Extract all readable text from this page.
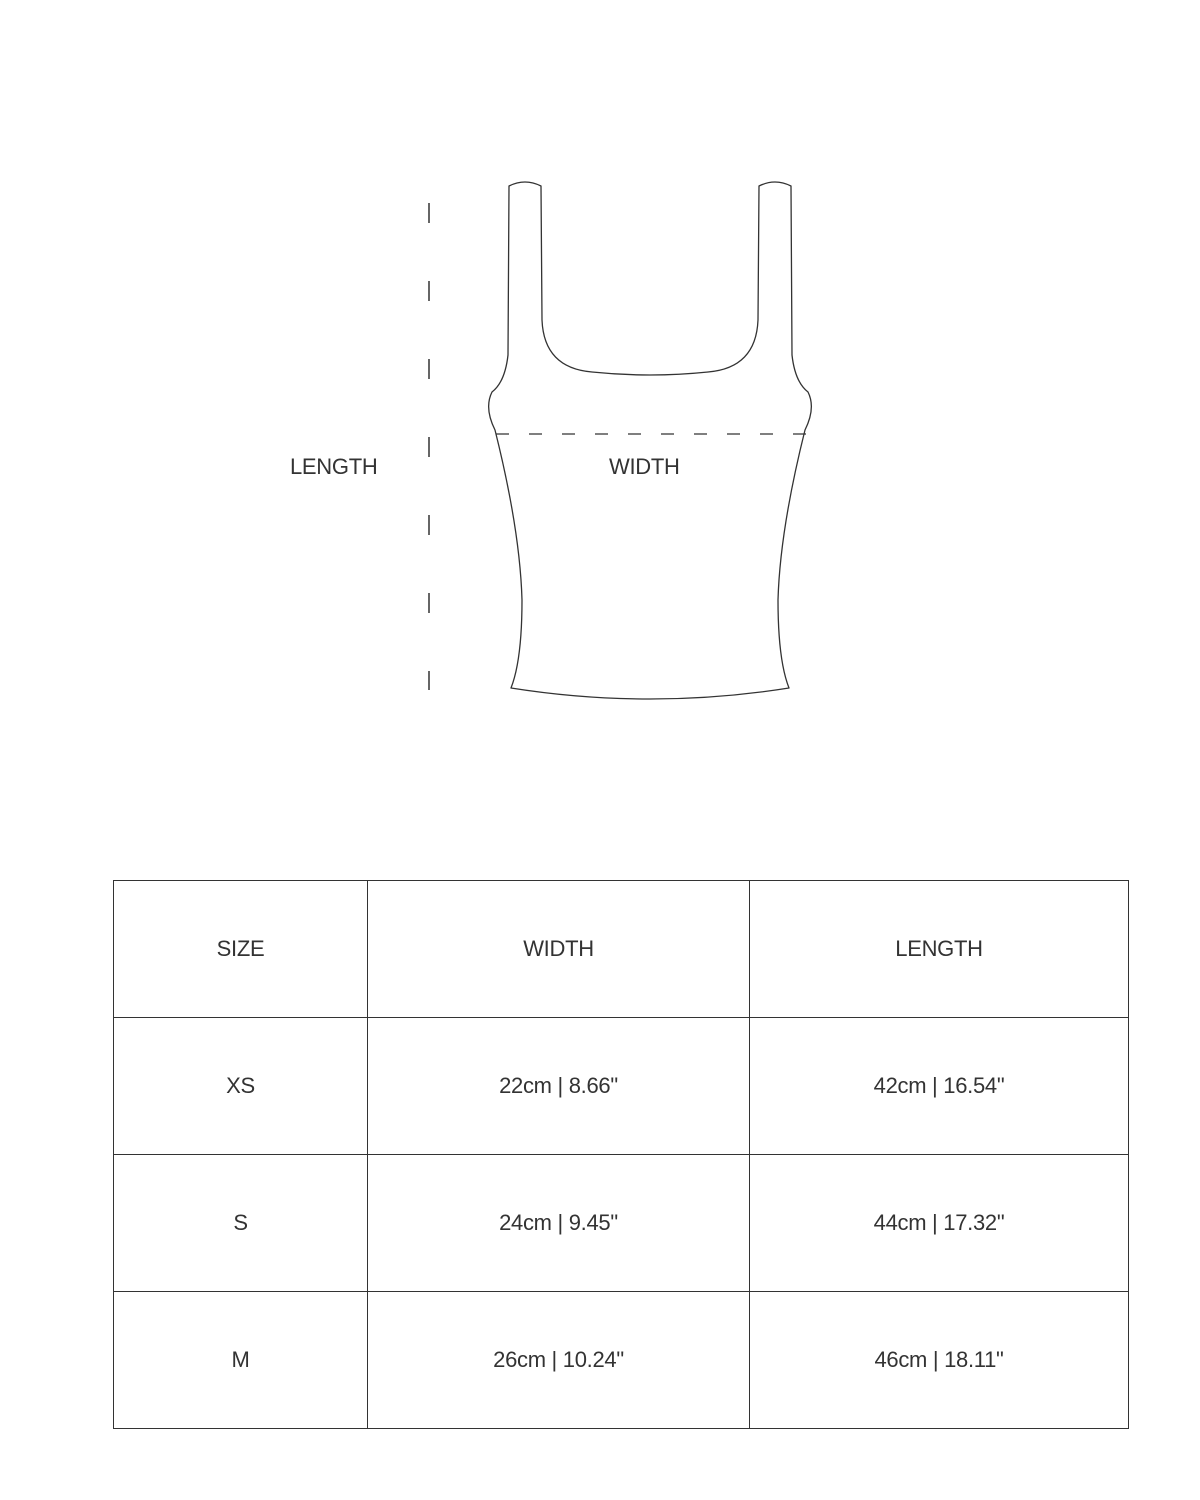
LENGTH	WIDTH
SIZE	WIDTH	LENGTH
XS	22cm | 8.66"	42cm | 16.54"
S	24cm | 9.45"	44cm | 17.32"
M	26cm | 10.24"	46cm | 18.11"
